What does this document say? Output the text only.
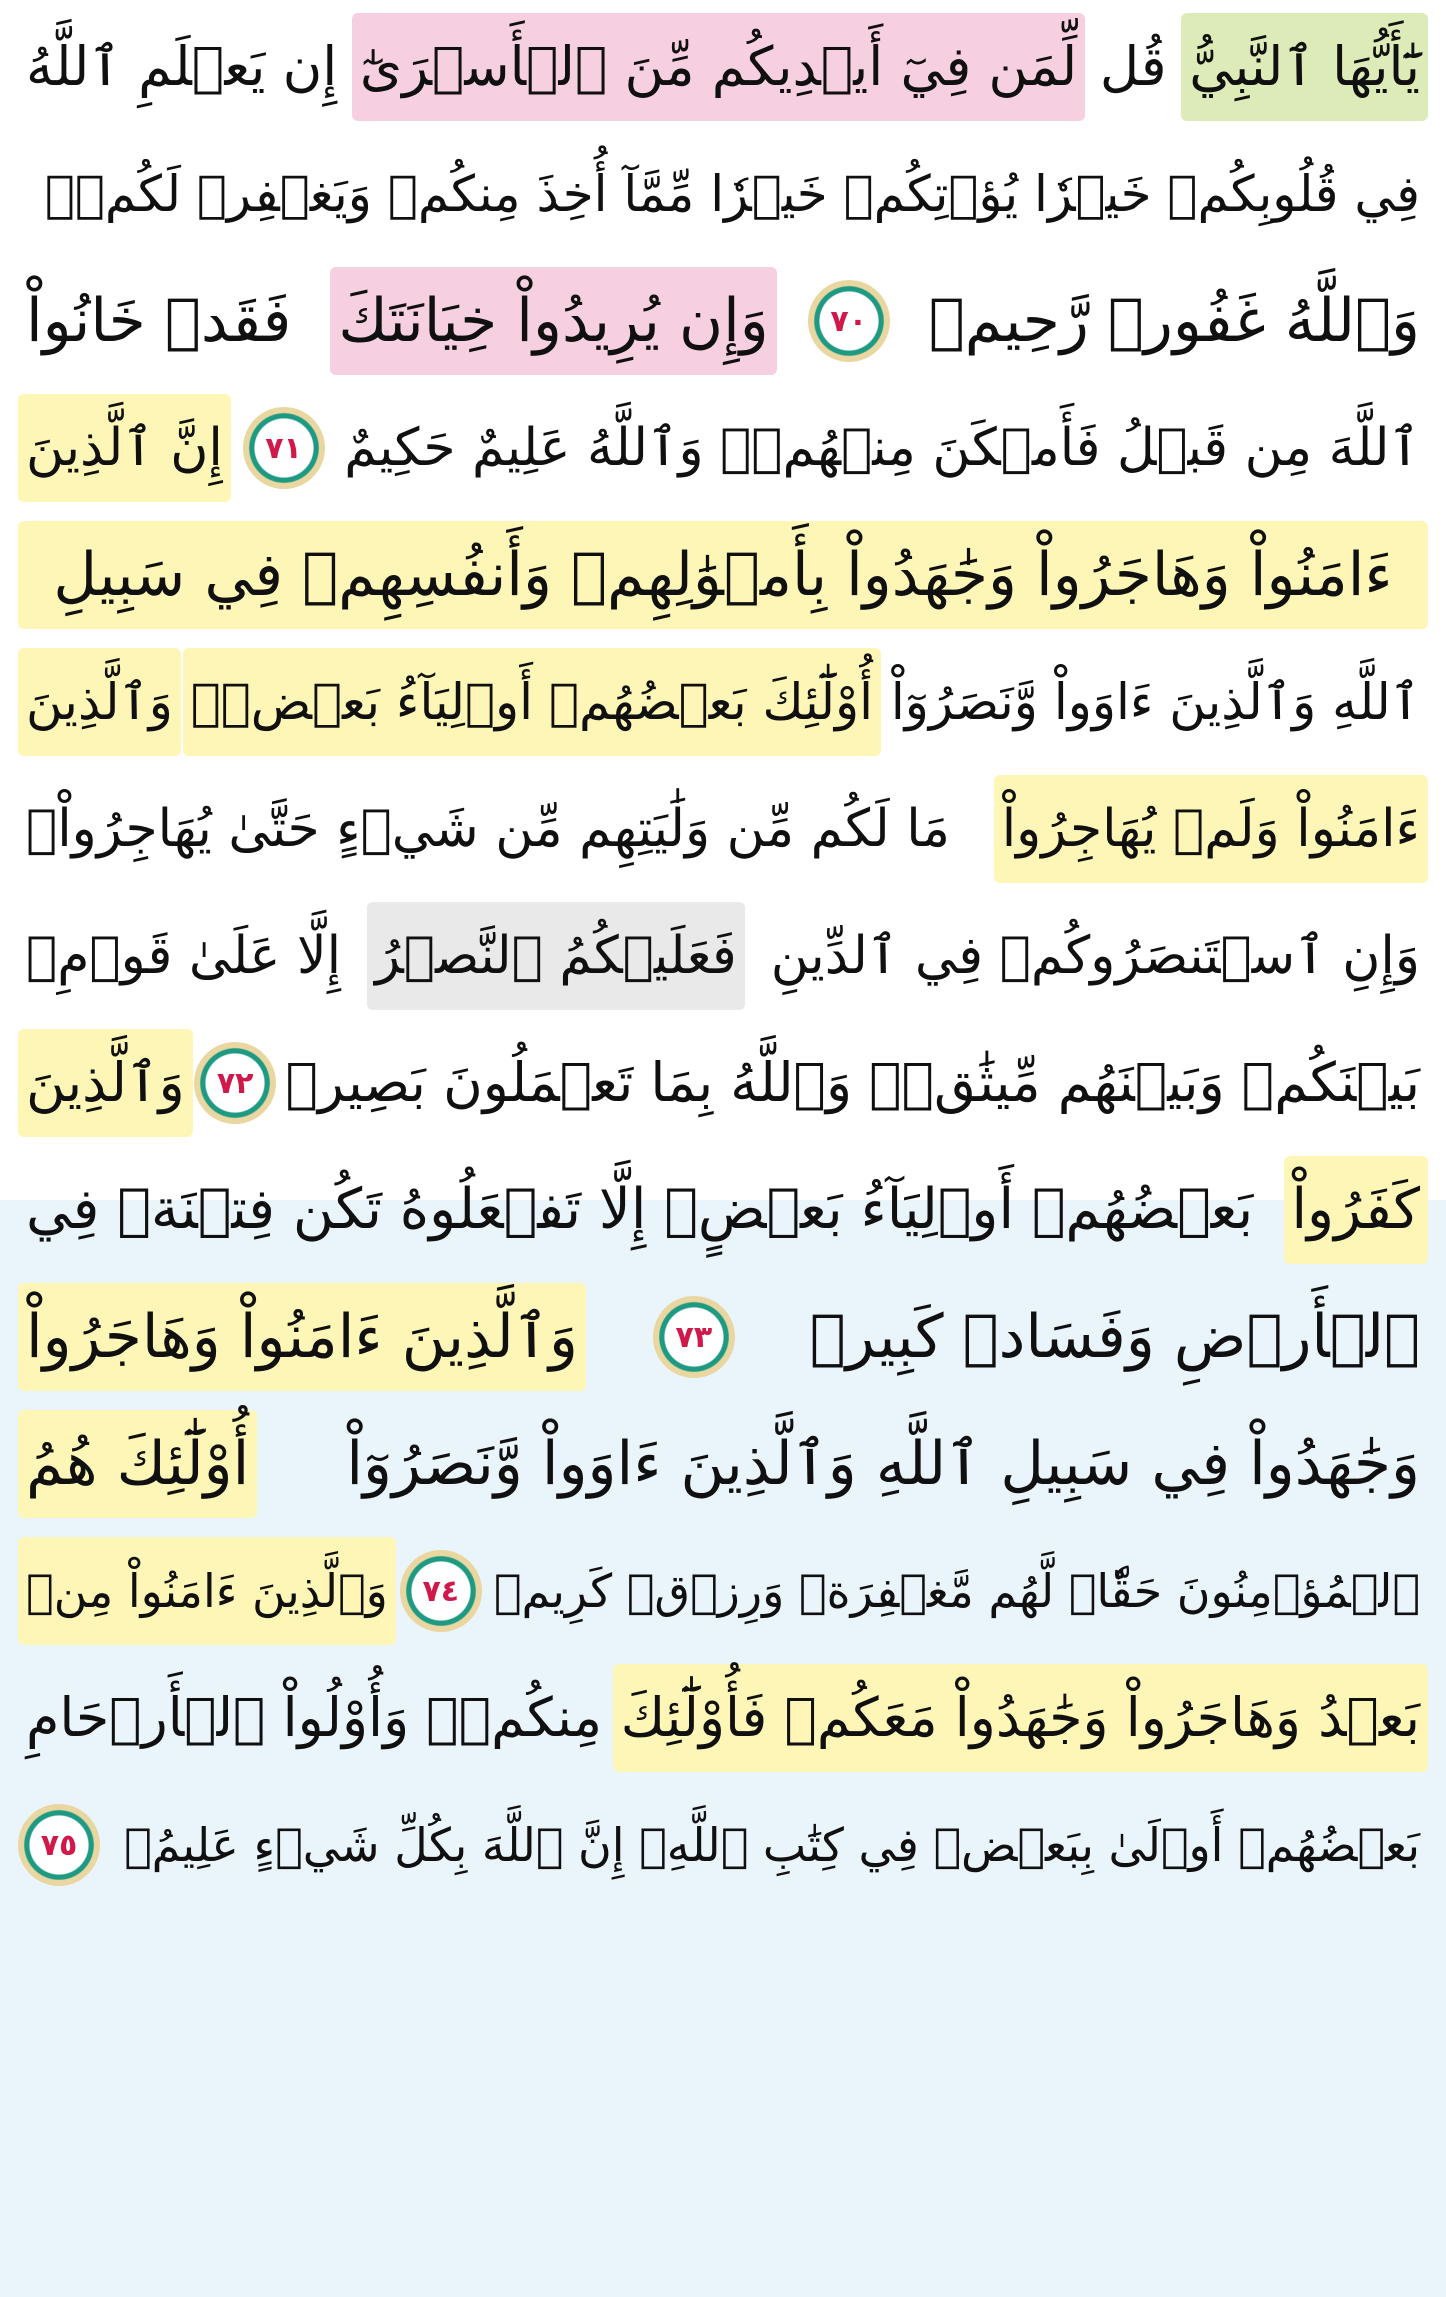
يَٰٓأَيُّهَا ٱلنَّبِيُّ
قُل
لِّمَن فِيٓ أَيۡدِيكُم مِّنَ ٱلۡأَسۡرَىٰٓ
إِن يَعۡلَمِ ٱللَّهُ
فِي قُلُوبِكُمۡ خَيۡرٗا يُؤۡتِكُمۡ خَيۡرٗا مِّمَّآ أُخِذَ مِنكُمۡ وَيَغۡفِرۡ لَكُمۡۚ
وَٱللَّهُ غَفُورٞ رَّحِيمٞ
٧٠
وَإِن يُرِيدُواْ خِيَانَتَكَ
فَقَدۡ خَانُواْ
ٱللَّهَ مِن قَبۡلُ فَأَمۡكَنَ مِنۡهُمۡۗ وَٱللَّهُ عَلِيمٌ حَكِيمٌ
٧١
إِنَّ ٱلَّذِينَ
ءَامَنُواْ وَهَاجَرُواْ وَجَٰهَدُواْ بِأَمۡوَٰلِهِمۡ وَأَنفُسِهِمۡ فِي سَبِيلِ
ٱللَّهِ وَٱلَّذِينَ ءَاوَواْ وَّنَصَرُوٓاْ
أُوْلَٰٓئِكَ بَعۡضُهُمۡ أَوۡلِيَآءُ بَعۡضٖۚ
وَٱلَّذِينَ
ءَامَنُواْ وَلَمۡ يُهَاجِرُواْ
مَا لَكُم مِّن وَلَٰيَتِهِم مِّن شَيۡءٍ حَتَّىٰ يُهَاجِرُواْۚ
وَإِنِ ٱسۡتَنصَرُوكُمۡ فِي ٱلدِّينِ
فَعَلَيۡكُمُ ٱلنَّصۡرُ
إِلَّا عَلَىٰ قَوۡمِۭ
بَيۡنَكُمۡ وَبَيۡنَهُم مِّيثَٰقٞۗ وَٱللَّهُ بِمَا تَعۡمَلُونَ بَصِيرٞ
٧٢
وَٱلَّذِينَ
كَفَرُواْ
بَعۡضُهُمۡ أَوۡلِيَآءُ بَعۡضٍۚ إِلَّا تَفۡعَلُوهُ تَكُن فِتۡنَةٞ فِي
ٱلۡأَرۡضِ وَفَسَادٞ كَبِيرٞ
٧٣
وَٱلَّذِينَ ءَامَنُواْ وَهَاجَرُواْ
وَجَٰهَدُواْ فِي سَبِيلِ ٱللَّهِ وَٱلَّذِينَ ءَاوَواْ وَّنَصَرُوٓاْ
أُوْلَٰٓئِكَ هُمُ
ٱلۡمُؤۡمِنُونَ حَقّٗاۚ لَّهُم مَّغۡفِرَةٞ وَرِزۡقٞ كَرِيمٞ
٧٤
وَٱلَّذِينَ ءَامَنُواْ مِنۢ
بَعۡدُ وَهَاجَرُواْ وَجَٰهَدُواْ مَعَكُمۡ فَأُوْلَٰٓئِكَ
مِنكُمۡۚ وَأُوْلُواْ ٱلۡأَرۡحَامِ
بَعۡضُهُمۡ أَوۡلَىٰ بِبَعۡضٖ فِي كِتَٰبِ ٱللَّهِۚ إِنَّ ٱللَّهَ بِكُلِّ شَيۡءٍ عَلِيمُۢ
٧٥
